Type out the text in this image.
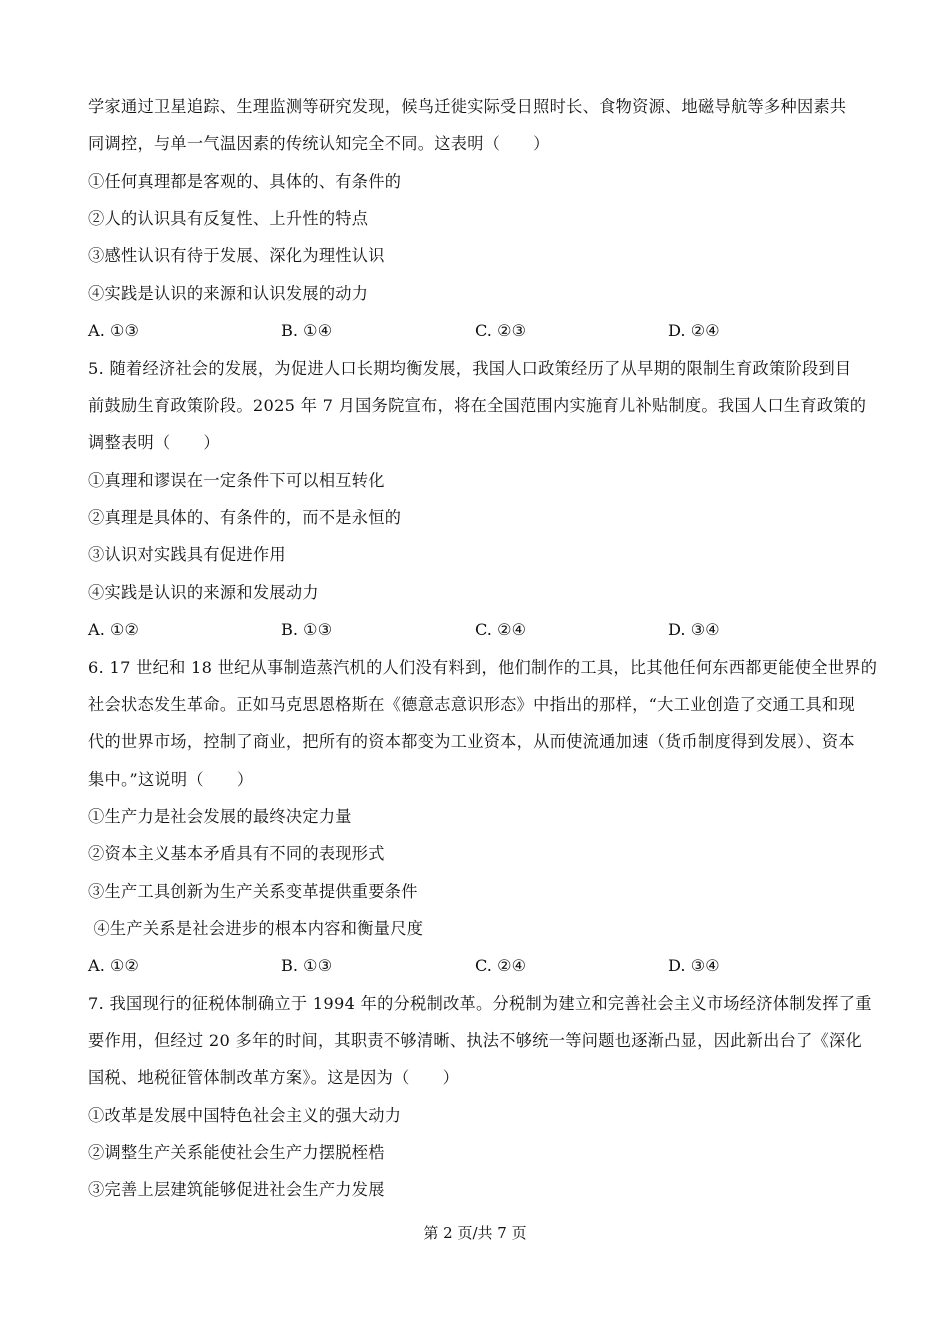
学家通过卫星追踪、生理监测等研究发现，候鸟迁徙实际受日照时长、食物资源、地磁导航等多种因素共
同调控，与单一气温因素的传统认知完全不同。这表明（　　）
①任何真理都是客观的、具体的、有条件的
②人的认识具有反复性、上升性的特点
③感性认识有待于发展、深化为理性认识
④实践是认识的来源和认识发展的动力
A. ①③	B. ①④	C. ②③	D. ②④
5. 随着经济社会的发展，为促进人口长期均衡发展，我国人口政策经历了从早期的限制生育政策阶段到目
前鼓励生育政策阶段。2025 年 7 月国务院宣布，将在全国范围内实施育儿补贴制度。我国人口生育政策的
调整表明（　　）
①真理和谬误在一定条件下可以相互转化
②真理是具体的、有条件的，而不是永恒的
③认识对实践具有促进作用
④实践是认识的来源和发展动力
A. ①②	B. ①③	C. ②④	D. ③④
6. 17 世纪和 18 世纪从事制造蒸汽机的人们没有料到，他们制作的工具，比其他任何东西都更能使全世界的
社会状态发生革命。正如马克思恩格斯在《德意志意识形态》中指出的那样，“大工业创造了交通工具和现
代的世界市场，控制了商业，把所有的资本都变为工业资本，从而使流通加速（货币制度得到发展）、资本
集中。”这说明（　　）
①生产力是社会发展的最终决定力量
②资本主义基本矛盾具有不同的表现形式
③生产工具创新为生产关系变革提供重要条件
④生产关系是社会进步的根本内容和衡量尺度
A. ①②	B. ①③	C. ②④	D. ③④
7. 我国现行的征税体制确立于 1994 年的分税制改革。分税制为建立和完善社会主义市场经济体制发挥了重
要作用，但经过 20 多年的时间，其职责不够清晰、执法不够统一等问题也逐渐凸显，因此新出台了《深化
国税、地税征管体制改革方案》。这是因为（　　）
①改革是发展中国特色社会主义的强大动力
②调整生产关系能使社会生产力摆脱桎梏
③完善上层建筑能够促进社会生产力发展
第 2 页/共 7 页
